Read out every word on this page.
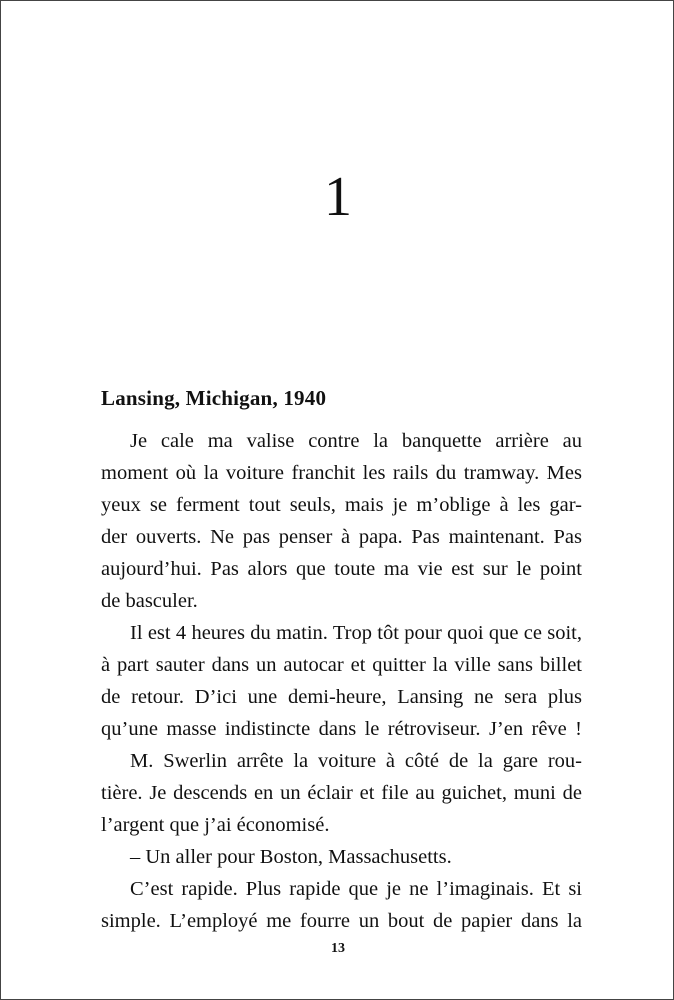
1
Lansing, Michigan, 1940
Je cale ma valise contre la banquette arrière au
moment où la voiture franchit les rails du tramway. Mes
yeux se ferment tout seuls, mais je m’oblige à les gar-
der ouverts. Ne pas penser à papa. Pas maintenant. Pas
aujourd’hui. Pas alors que toute ma vie est sur le point
de basculer.
Il est 4 heures du matin. Trop tôt pour quoi que ce soit,
à part sauter dans un autocar et quitter la ville sans billet
de retour. D’ici une demi-heure, Lansing ne sera plus
qu’une masse indistincte dans le rétroviseur. J’en rêve !
M. Swerlin arrête la voiture à côté de la gare rou-
tière. Je descends en un éclair et file au guichet, muni de
l’argent que j’ai économisé.
– Un aller pour Boston, Massachusetts.
C’est rapide. Plus rapide que je ne l’imaginais. Et si
simple. L’employé me fourre un bout de papier dans la
13
